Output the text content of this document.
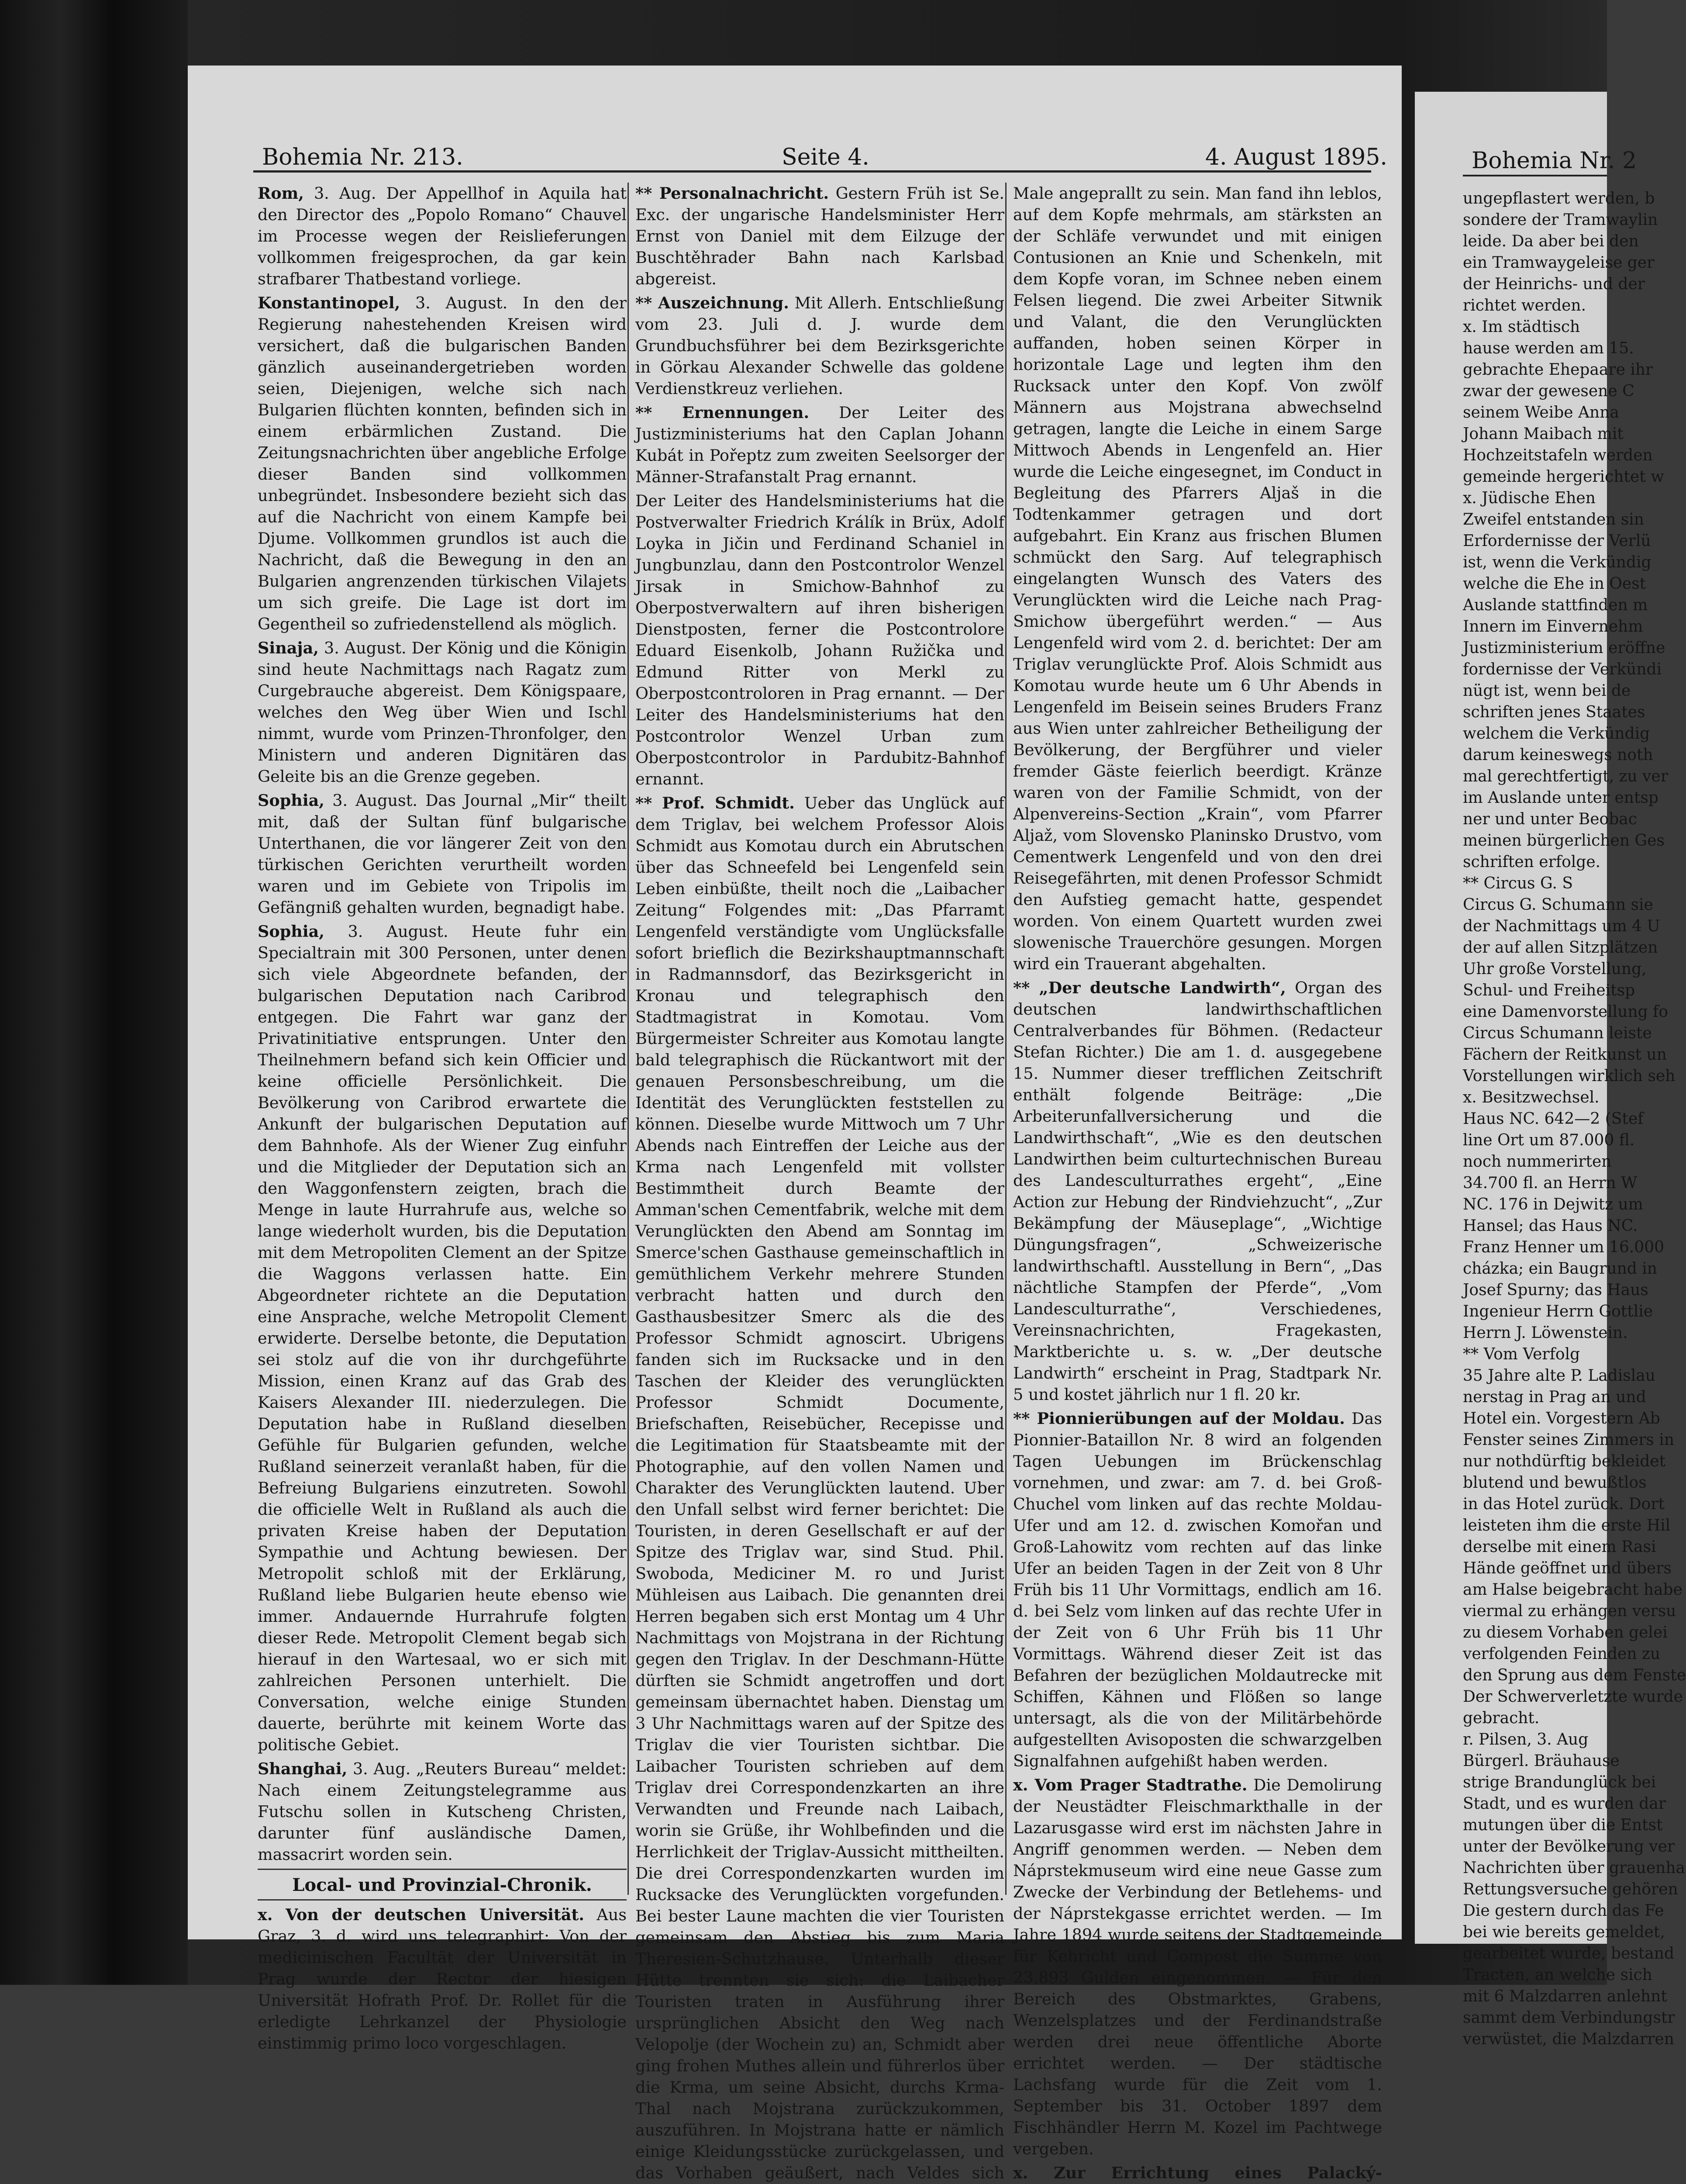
Bohemia Nr. 213.	Seite 4.	4. August 1895.

Rom, 3. Aug. Der Appellhof in Aquila hat den Director des „Popolo Romano“ Chauvel im Processe wegen der Reislieferungen vollkommen freigesprochen, da gar kein strafbarer Thatbestand vorliege.

Konstantinopel, 3. August. In den der Regierung nahestehenden Kreisen wird versichert, daß die bulgarischen Banden gänzlich auseinandergetrieben worden seien, Diejenigen, welche sich nach Bulgarien flüchten konnten, befinden sich in einem erbärmlichen Zustand. Die Zeitungsnachrichten über angebliche Erfolge dieser Banden sind vollkommen unbegründet. Insbesondere bezieht sich das auf die Nachricht von einem Kampfe bei Djume. Vollkommen grundlos ist auch die Nachricht, daß die Bewegung in den an Bulgarien angrenzenden türkischen Vilajets um sich greife. Die Lage ist dort im Gegentheil so zufriedenstellend als möglich.

Sinaja, 3. August. Der König und die Königin sind heute Nachmittags nach Ragatz zum Curgebrauche abgereist. Dem Königspaare, welches den Weg über Wien und Ischl nimmt, wurde vom Prinzen-Thronfolger, den Ministern und anderen Dignitären das Geleite bis an die Grenze gegeben.

Sophia, 3. August. Das Journal „Mir“ theilt mit, daß der Sultan fünf bulgarische Unterthanen, die vor längerer Zeit von den türkischen Gerichten verurtheilt worden waren und im Gebiete von Tripolis im Gefängniß gehalten wurden, begnadigt habe.

Sophia, 3. August. Heute fuhr ein Specialtrain mit 300 Personen, unter denen sich viele Abgeordnete befanden, der bulgarischen Deputation nach Caribrod entgegen. Die Fahrt war ganz der Privatinitiative entsprungen. Unter den Theilnehmern befand sich kein Officier und keine officielle Persönlichkeit. Die Bevölkerung von Caribrod erwartete die Ankunft der bulgarischen Deputation auf dem Bahnhofe. Als der Wiener Zug einfuhr und die Mitglieder der Deputation sich an den Waggonfenstern zeigten, brach die Menge in laute Hurrahrufe aus, welche so lange wiederholt wurden, bis die Deputation mit dem Metropoliten Clement an der Spitze die Waggons verlassen hatte. Ein Abgeordneter richtete an die Deputation eine Ansprache, welche Metropolit Clement erwiderte. Derselbe betonte, die Deputation sei stolz auf die von ihr durchgeführte Mission, einen Kranz auf das Grab des Kaisers Alexander III. niederzulegen. Die Deputation habe in Rußland dieselben Gefühle für Bulgarien gefunden, welche Rußland seinerzeit veranlaßt haben, für die Befreiung Bulgariens einzutreten. Sowohl die officielle Welt in Rußland als auch die privaten Kreise haben der Deputation Sympathie und Achtung bewiesen. Der Metropolit schloß mit der Erklärung, Rußland liebe Bulgarien heute ebenso wie immer. Andauernde Hurrahrufe folgten dieser Rede. Metropolit Clement begab sich hierauf in den Wartesaal, wo er sich mit zahlreichen Personen unterhielt. Die Conversation, welche einige Stunden dauerte, berührte mit keinem Worte das politische Gebiet.

Shanghai, 3. Aug. „Reuters Bureau“ meldet: Nach einem Zeitungstelegramme aus Futschu sollen in Kutscheng Christen, darunter fünf ausländische Damen, massacrirt worden sein.

Local- und Provinzial-Chronik.

x. Von der deutschen Universität. Aus Graz, 3. d. wird uns telegraphirt: Von der medicinischen Facultät der Universität in Prag wurde der Rector der hiesigen Universität Hofrath Prof. Dr. Rollet für die erledigte Lehrkanzel der Physiologie einstimmig primo loco vorgeschlagen.

** Personalnachricht. Gestern Früh ist Se. Exc. der ungarische Handelsminister Herr Ernst von Daniel mit dem Eilzuge der Buschtěhrader Bahn nach Karlsbad abgereist.

** Auszeichnung. Mit Allerh. Entschließung vom 23. Juli d. J. wurde dem Grundbuchsführer bei dem Bezirksgerichte in Görkau Alexander Schwelle das goldene Verdienstkreuz verliehen.

** Ernennungen. Der Leiter des Justizministeriums hat den Caplan Johann Kubát in Pořeptz zum zweiten Seelsorger der Männer-Strafanstalt Prag ernannt.

Der Leiter des Handelsministeriums hat die Postverwalter Friedrich Králík in Brüx, Adolf Loyka in Jičin und Ferdinand Schaniel in Jungbunzlau, dann den Postcontrolor Wenzel Jirsak in Smichow-Bahnhof zu Oberpostverwaltern auf ihren bisherigen Dienstposten, ferner die Postcontrolore Eduard Eisenkolb, Johann Ružička und Edmund Ritter von Merkl zu Oberpostcontroloren in Prag ernannt. — Der Leiter des Handelsministeriums hat den Postcontrolor Wenzel Urban zum Oberpostcontrolor in Pardubitz-Bahnhof ernannt.

** Prof. Schmidt. Ueber das Unglück auf dem Triglav, bei welchem Professor Alois Schmidt aus Komotau durch ein Abrutschen über das Schneefeld bei Lengenfeld sein Leben einbüßte, theilt noch die „Laibacher Zeitung“ Folgendes mit: „Das Pfarramt Lengenfeld verständigte vom Unglücksfalle sofort brieflich die Bezirkshauptmannschaft in Radmannsdorf, das Bezirksgericht in Kronau und telegraphisch den Stadtmagistrat in Komotau. Vom Bürgermeister Schreiter aus Komotau langte bald telegraphisch die Rückantwort mit der genauen Personsbeschreibung, um die Identität des Verunglückten feststellen zu können. Dieselbe wurde Mittwoch um 7 Uhr Abends nach Eintreffen der Leiche aus der Krma nach Lengenfeld mit vollster Bestimmtheit durch Beamte der Amman'schen Cementfabrik, welche mit dem Verunglückten den Abend am Sonntag im Smerce'schen Gasthause gemeinschaftlich in gemüthlichem Verkehr mehrere Stunden verbracht hatten und durch den Gasthausbesitzer Smerc als die des Professor Schmidt agnoscirt. Ubrigens fanden sich im Rucksacke und in den Taschen der Kleider des verunglückten Professor Schmidt Documente, Briefschaften, Reisebücher, Recepisse und die Legitimation für Staatsbeamte mit der Photographie, auf den vollen Namen und Charakter des Verunglückten lautend. Uber den Unfall selbst wird ferner berichtet: Die Touristen, in deren Gesellschaft er auf der Spitze des Triglav war, sind Stud. Phil. Swoboda, Mediciner M. ro und Jurist Mühleisen aus Laibach. Die genannten drei Herren begaben sich erst Montag um 4 Uhr Nachmittags von Mojstrana in der Richtung gegen den Triglav. In der Deschmann-Hütte dürften sie Schmidt angetroffen und dort gemeinsam übernachtet haben. Dienstag um 3 Uhr Nachmittags waren auf der Spitze des Triglav die vier Touristen sichtbar. Die Laibacher Touristen schrieben auf dem Triglav drei Correspondenzkarten an ihre Verwandten und Freunde nach Laibach, worin sie Grüße, ihr Wohlbefinden und die Herrlichkeit der Triglav-Aussicht mittheilten. Die drei Correspondenzkarten wurden im Rucksacke des Verunglückten vorgefunden. Bei bester Laune machten die vier Touristen gemeinsam den Abstieg bis zum Maria Theresien-Schutzhause. Unterhalb dieser Hütte trennten sie sich: die Laibacher Touristen traten in Ausführung ihrer ursprünglichen Absicht den Weg nach Velopolje (der Wochein zu) an, Schmidt aber ging frohen Muthes allein und führerlos über die Krma, um seine Absicht, durchs Krma-Thal nach Mojstrana zurückzukommen, auszuführen. In Mojstrana hatte er nämlich einige Kleidungsstücke zurückgelassen, und das Vorhaben geäußert, nach Veldes sich

Male angeprallt zu sein. Man fand ihn leblos, auf dem Kopfe mehrmals, am stärksten an der Schläfe verwundet und mit einigen Contusionen an Knie und Schenkeln, mit dem Kopfe voran, im Schnee neben einem Felsen liegend. Die zwei Arbeiter Sitwnik und Valant, die den Verunglückten auffanden, hoben seinen Körper in horizontale Lage und legten ihm den Rucksack unter den Kopf. Von zwölf Männern aus Mojstrana abwechselnd getragen, langte die Leiche in einem Sarge Mittwoch Abends in Lengenfeld an. Hier wurde die Leiche eingesegnet, im Conduct in Begleitung des Pfarrers Aljaš in die Todtenkammer getragen und dort aufgebahrt. Ein Kranz aus frischen Blumen schmückt den Sarg. Auf telegraphisch eingelangten Wunsch des Vaters des Verunglückten wird die Leiche nach Prag-Smichow übergeführt werden.“ — Aus Lengenfeld wird vom 2. d. berichtet: Der am Triglav verunglückte Prof. Alois Schmidt aus Komotau wurde heute um 6 Uhr Abends in Lengenfeld im Beisein seines Bruders Franz aus Wien unter zahlreicher Betheiligung der Bevölkerung, der Bergführer und vieler fremder Gäste feierlich beerdigt. Kränze waren von der Familie Schmidt, von der Alpenvereins-Section „Krain“, vom Pfarrer Aljaž, vom Slovensko Planinsko Drustvo, vom Cementwerk Lengenfeld und von den drei Reisegefährten, mit denen Professor Schmidt den Aufstieg gemacht hatte, gespendet worden. Von einem Quartett wurden zwei slowenische Trauerchöre gesungen. Morgen wird ein Trauerant abgehalten.

** „Der deutsche Landwirth“, Organ des deutschen landwirthschaftlichen Centralverbandes für Böhmen. (Redacteur Stefan Richter.) Die am 1. d. ausgegebene 15. Nummer dieser trefflichen Zeitschrift enthält folgende Beiträge: „Die Arbeiterunfallversicherung und die Landwirthschaft“, „Wie es den deutschen Landwirthen beim culturtechnischen Bureau des Landesculturrathes ergeht“, „Eine Action zur Hebung der Rindviehzucht“, „Zur Bekämpfung der Mäuseplage“, „Wichtige Düngungsfragen“, „Schweizerische landwirthschaftl. Ausstellung in Bern“, „Das nächtliche Stampfen der Pferde“, „Vom Landesculturrathe“, Verschiedenes, Vereinsnachrichten, Fragekasten, Marktberichte u. s. w. „Der deutsche Landwirth“ erscheint in Prag, Stadtpark Nr. 5 und kostet jährlich nur 1 fl. 20 kr.

** Pionnierübungen auf der Moldau. Das Pionnier-Bataillon Nr. 8 wird an folgenden Tagen Uebungen im Brückenschlag vornehmen, und zwar: am 7. d. bei Groß-Chuchel vom linken auf das rechte Moldau-Ufer und am 12. d. zwischen Komořan und Groß-Lahowitz vom rechten auf das linke Ufer an beiden Tagen in der Zeit von 8 Uhr Früh bis 11 Uhr Vormittags, endlich am 16. d. bei Selz vom linken auf das rechte Ufer in der Zeit von 6 Uhr Früh bis 11 Uhr Vormittags. Während dieser Zeit ist das Befahren der bezüglichen Moldautrecke mit Schiffen, Kähnen und Flößen so lange untersagt, als die von der Militärbehörde aufgestellten Avisoposten die schwarzgelben Signalfahnen aufgehißt haben werden.

x. Vom Prager Stadtrathe. Die Demolirung der Neustädter Fleischmarkthalle in der Lazarusgasse wird erst im nächsten Jahre in Angriff genommen werden. — Neben dem Náprstekmuseum wird eine neue Gasse zum Zwecke der Verbindung der Betlehems- und der Náprstekgasse errichtet werden. — Im Jahre 1894 wurde seitens der Stadtgemeinde für Kehricht und Compost die Summe von 23.893 Gulden eingenommen. — Für den Bereich des Obstmarktes, Grabens, Wenzelsplatzes und der Ferdinandstraße werden drei neue öffentliche Aborte errichtet werden. — Der städtische Lachsfang wurde für die Zeit vom 1. September bis 31. October 1897 dem Fischhändler Herrn M. Kozel im Pachtwege vergeben.

x. Zur Errichtung eines Palacký-

Bohemia Nr. 2
ungepflastert werden, b
sondere der Tramwaylin
leide. Da aber bei den
ein Tramwaygeleise ger
der Heinrichs- und der
richtet werden.
x. Im städtisch
hause werden am 15.
gebrachte Ehepaare ihr
zwar der gewesene C
seinem Weibe Anna
Johann Maibach mit
Hochzeitstafeln werden
gemeinde hergerichtet w
x. Jüdische Ehen
Zweifel entstanden sin
Erfordernisse der Verlü
ist, wenn die Verkündig
welche die Ehe in Oest
Auslande stattfinden m
Innern im Einvernehm
Justizministerium eröffne
fordernisse der Verkündi
nügt ist, wenn bei de
schriften jenes Staates
welchem die Verkündig
darum keineswegs noth
mal gerechtfertigt, zu ver
im Auslande unter entsp
ner und unter Beobac
meinen bürgerlichen Ges
schriften erfolge.
** Circus G. S
Circus G. Schumann sie
der Nachmittags um 4 U
der auf allen Sitzplätzen
Uhr große Vorstellung,
Schul- und Freiheitsp
eine Damenvorstellung fo
Circus Schumann leiste
Fächern der Reitkunst un
Vorstellungen wirklich seh
x. Besitzwechsel.
Haus NC. 642—2 (Stef
line Ort um 87.000 fl.
noch nummerirten
34.700 fl. an Herrn W
NC. 176 in Dejwitz um
Hansel; das Haus NC.
Franz Henner um 16.000
cházka; ein Baugrund in
Josef Spurny; das Haus
Ingenieur Herrn Gottlie
Herrn J. Löwenstein.
** Vom Verfolg
35 Jahre alte P. Ladislau
nerstag in Prag an und
Hotel ein. Vorgestern Ab
Fenster seines Zimmers in
nur nothdürftig bekleidet
blutend und bewußtlos
in das Hotel zurück. Dort
leisteten ihm die erste Hil
derselbe mit einem Rasi
Hände geöffnet und übers
am Halse beigebracht habe
viermal zu erhängen versu
zu diesem Vorhaben gelei
verfolgenden Feinden zu
den Sprung aus dem Fenste
Der Schwerverletzte wurde
gebracht.
r. Pilsen, 3. Aug
Bürgerl. Bräuhause
strige Brandunglück bei
Stadt, und es wurden dar
mutungen über die Entst
unter der Bevölkerung ver
Nachrichten über grauenha
Rettungsversuche gehören
Die gestern durch das Fe
bei wie bereits gemeldet,
gearbeitet wurde, bestand
Tracten, an welche sich
mit 6 Malzdarren anlehnt
sammt dem Verbindungstr
verwüstet, die Malzdarren
